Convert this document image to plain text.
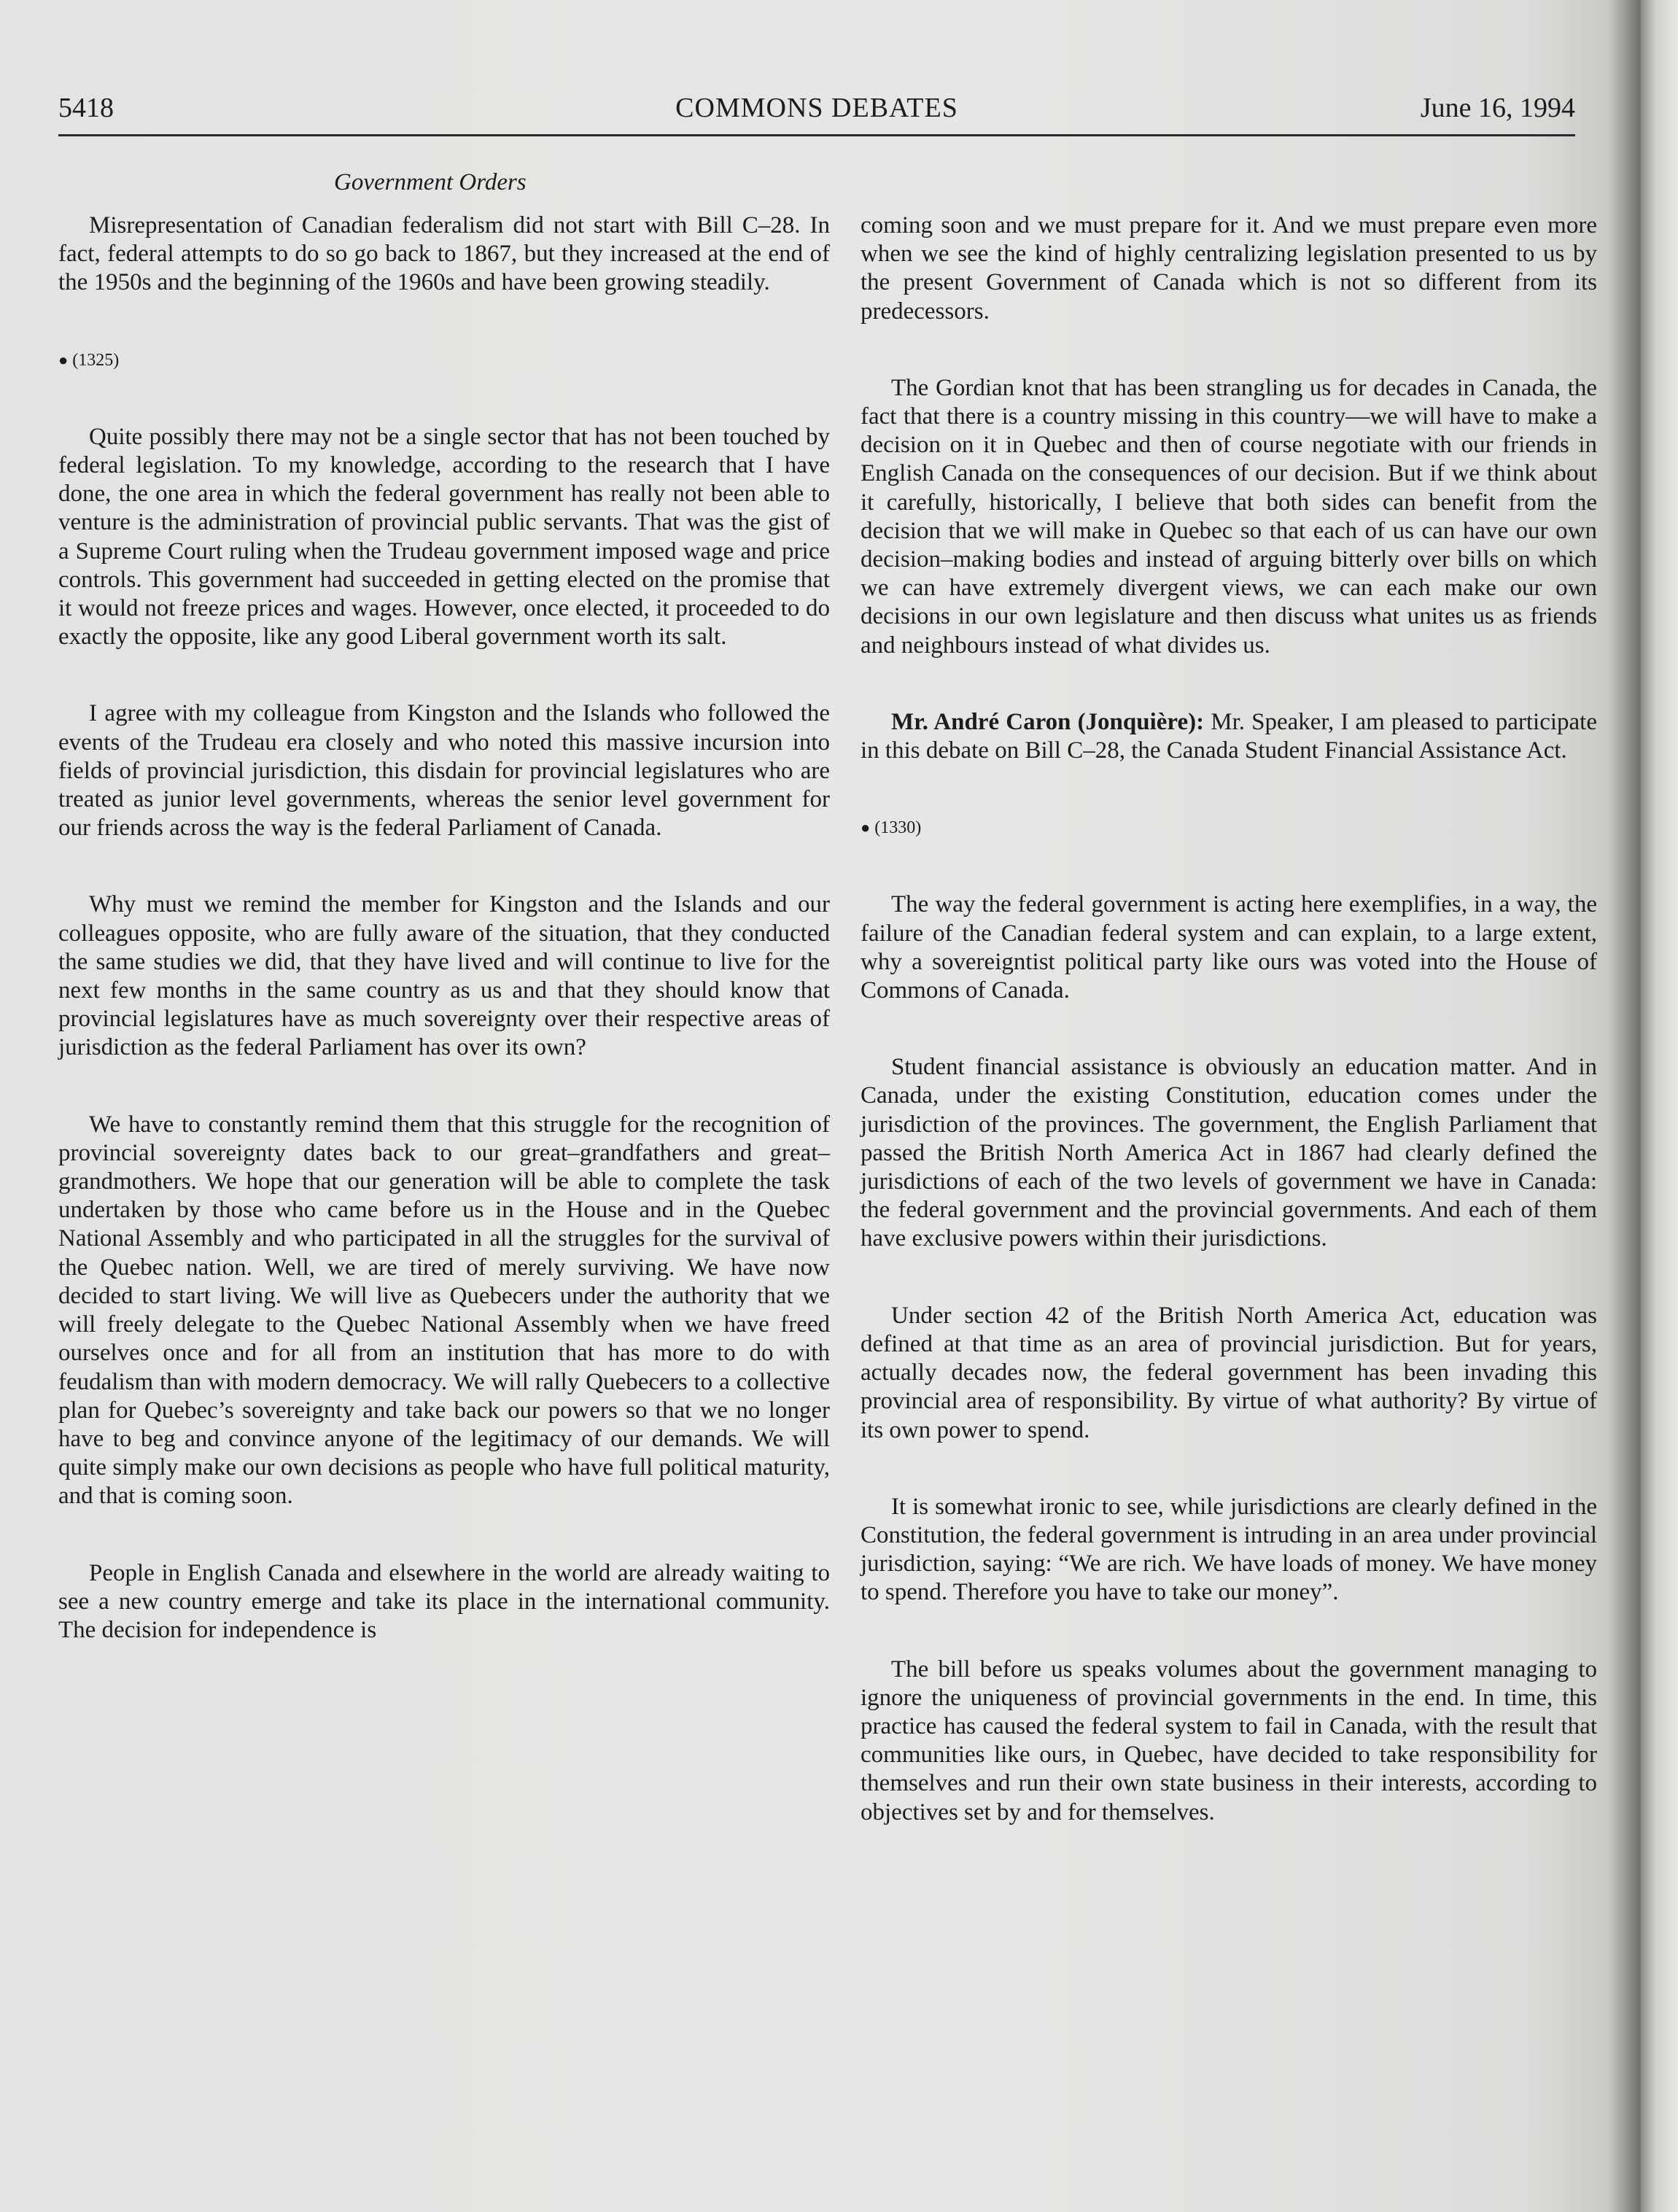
5418	COMMONS DEBATES	June 16, 1994
Government Orders

Misrepresentation of Canadian federalism did not start with Bill C–28. In fact, federal attempts to do so go back to 1867, but they increased at the end of the 1950s and the beginning of the 1960s and have been growing steadily.

● (1325)

Quite possibly there may not be a single sector that has not been touched by federal legislation. To my knowledge, according to the research that I have done, the one area in which the federal government has really not been able to venture is the administration of provincial public servants. That was the gist of a Supreme Court ruling when the Trudeau government imposed wage and price controls. This government had succeeded in getting elected on the promise that it would not freeze prices and wages. However, once elected, it proceeded to do exactly the opposite, like any good Liberal government worth its salt.

I agree with my colleague from Kingston and the Islands who followed the events of the Trudeau era closely and who noted this massive incursion into fields of provincial jurisdiction, this disdain for provincial legislatures who are treated as junior level governments, whereas the senior level government for our friends across the way is the federal Parliament of Canada.

Why must we remind the member for Kingston and the Islands and our colleagues opposite, who are fully aware of the situation, that they conducted the same studies we did, that they have lived and will continue to live for the next few months in the same country as us and that they should know that provincial legislatures have as much sovereignty over their respective areas of jurisdiction as the federal Parliament has over its own?

We have to constantly remind them that this struggle for the recognition of provincial sovereignty dates back to our great–grandfathers and great–grandmothers. We hope that our generation will be able to complete the task undertaken by those who came before us in the House and in the Quebec National Assembly and who participated in all the struggles for the survival of the Quebec nation. Well, we are tired of merely surviving. We have now decided to start living. We will live as Quebecers under the authority that we will freely delegate to the Quebec National Assembly when we have freed ourselves once and for all from an institution that has more to do with feudalism than with modern democracy. We will rally Quebecers to a collective plan for Quebec’s sovereignty and take back our powers so that we no longer have to beg and convince anyone of the legitimacy of our demands. We will quite simply make our own decisions as people who have full political maturity, and that is coming soon.

People in English Canada and elsewhere in the world are already waiting to see a new country emerge and take its place in the international community. The decision for independence is

coming soon and we must prepare for it. And we must prepare even more when we see the kind of highly centralizing legislation presented to us by the present Government of Canada which is not so different from its predecessors.

The Gordian knot that has been strangling us for decades in Canada, the fact that there is a country missing in this country—we will have to make a decision on it in Quebec and then of course negotiate with our friends in English Canada on the consequences of our decision. But if we think about it carefully, historically, I believe that both sides can benefit from the decision that we will make in Quebec so that each of us can have our own decision–making bodies and instead of arguing bitterly over bills on which we can have extremely divergent views, we can each make our own decisions in our own legislature and then discuss what unites us as friends and neighbours instead of what divides us.

Mr. André Caron (Jonquière): Mr. Speaker, I am pleased to participate in this debate on Bill C–28, the Canada Student Financial Assistance Act.

● (1330)

The way the federal government is acting here exemplifies, in a way, the failure of the Canadian federal system and can explain, to a large extent, why a sovereigntist political party like ours was voted into the House of Commons of Canada.

Student financial assistance is obviously an education matter. And in Canada, under the existing Constitution, education comes under the jurisdiction of the provinces. The government, the English Parliament that passed the British North America Act in 1867 had clearly defined the jurisdictions of each of the two levels of government we have in Canada: the federal government and the provincial governments. And each of them have exclusive powers within their jurisdictions.

Under section 42 of the British North America Act, education was defined at that time as an area of provincial jurisdiction. But for years, actually decades now, the federal government has been invading this provincial area of responsibility. By virtue of what authority? By virtue of its own power to spend.

It is somewhat ironic to see, while jurisdictions are clearly defined in the Constitution, the federal government is intruding in an area under provincial jurisdiction, saying: “We are rich. We have loads of money. We have money to spend. Therefore you have to take our money”.

The bill before us speaks volumes about the government managing to ignore the uniqueness of provincial governments in the end. In time, this practice has caused the federal system to fail in Canada, with the result that communities like ours, in Quebec, have decided to take responsibility for themselves and run their own state business in their interests, according to objectives set by and for themselves.
